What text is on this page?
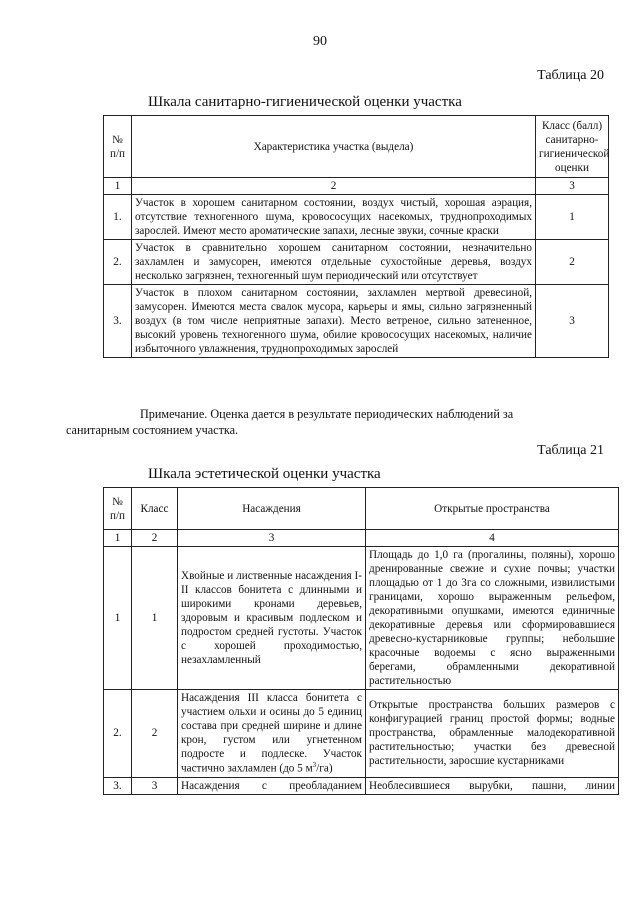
90
Таблица 20
Шкала санитарно-гигиенической оценки участка
№ п/п	Характеристика участка (выдела)	Класс (балл) санитарно-гигиенической оценки
1	2	3
1.	Участок в хорошем санитарном состоянии, воздух чистый, хорошая аэрация, отсутствие техногенного шума, кровососущих насекомых, труднопроходимых зарослей. Имеют место ароматические запахи, лесные звуки, сочные краски	1
2.	Участок в сравнительно хорошем санитарном состоянии, незначительно захламлен и замусорен, имеются отдельные сухостойные деревья, воздух несколько загрязнен, техногенный шум периодический или отсутствует	2
3.	Участок в плохом санитарном состоянии, захламлен мертвой древесиной, замусорен. Имеются места свалок мусора, карьеры и ямы, сильно загрязненный воздух (в том числе неприятные запахи). Место ветреное, сильно затененное, высокий уровень техногенного шума, обилие кровососущих насекомых, наличие избыточного увлажнения, труднопроходимых зарослей	3

Примечание. Оценка дается в результате периодических наблюдений за
санитарным состоянием участка.

Таблица 21
Шкала эстетической оценки участка
№ п/п	Класс	Насаждения	Открытые пространства
1	2	3	4
1	1	Хвойные и лиственные насаждения I-II классов бонитета с длинными и широкими кронами деревьев, здоровым и красивым подлеском и подростом средней густоты. Участок с хорошей проходимостью, незахламленный	Площадь до 1,0 га (прогалины, поляны), хорошо дренированные свежие и сухие почвы; участки площадью от 1 до 3га со сложными, извилистыми границами, хорошо выраженным рельефом, декоративными опушками, имеются единичные декоративные деревья или сформировавшиеся древесно-кустарниковые группы; небольшие красочные водоемы с ясно выраженными берегами, обрамленными декоративной растительностью
2.	2	Насаждения III класса бонитета с участием ольхи и осины до 5 единиц состава при средней ширине и длине крон, густом или угнетенном подросте и подлеске. Участок частично захламлен (до 5 $м^3/га$)	Открытые пространства больших размеров с конфигурацией границ простой формы; водные пространства, обрамленные малодекоративной растительностью; участки без древесной растительности, заросшие кустарниками
3.	3	Насаждения с преобладанием	Необлесившиеся вырубки, пашни, линии
